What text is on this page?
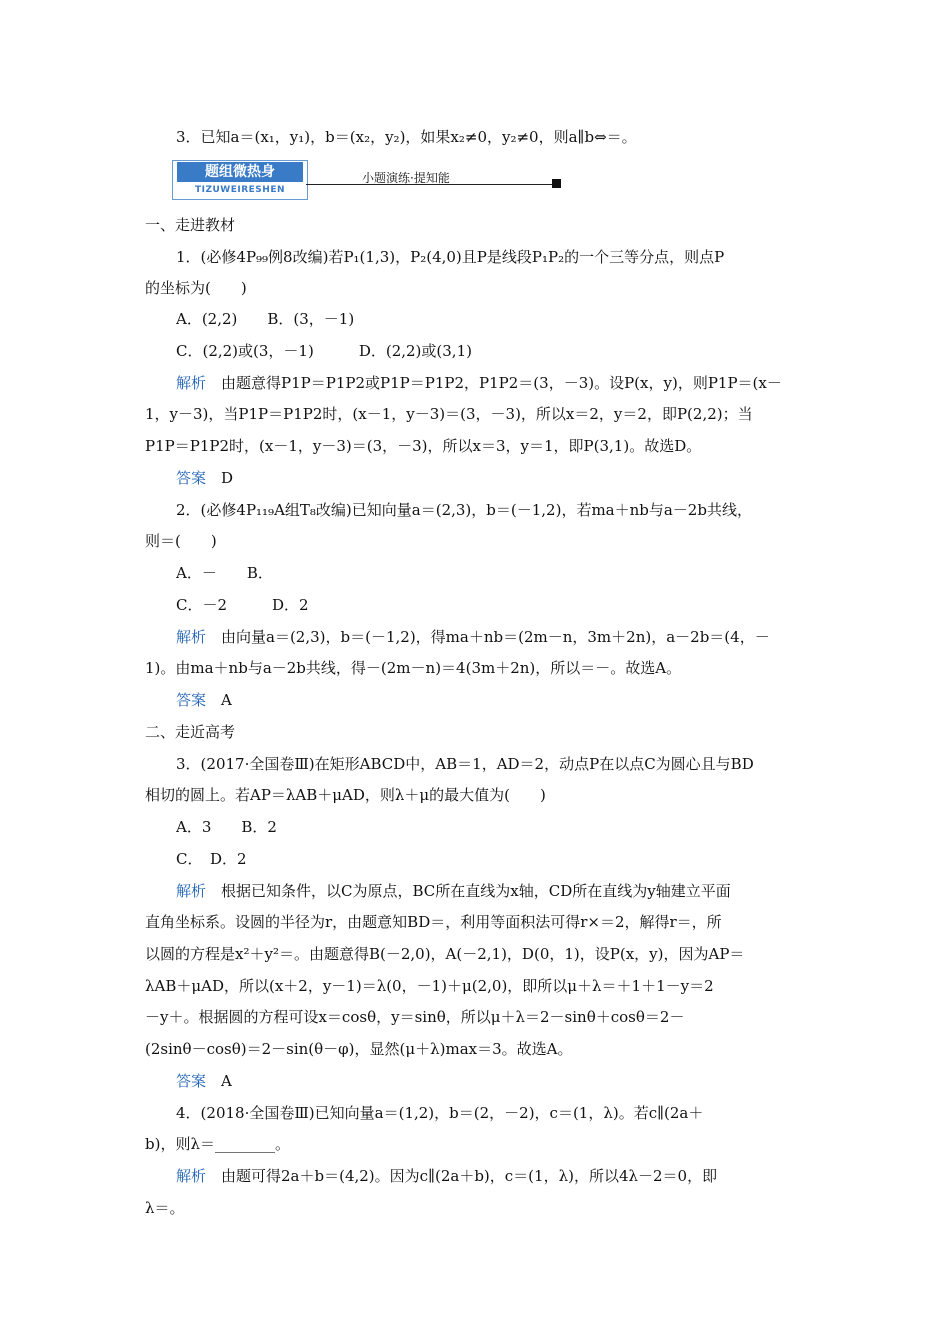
3．已知a＝(x₁，y₁)，b＝(x₂，y₂)，如果x₂≠0，y₂≠0，则a∥b⇔＝。
题组微热身
TIZUWEIRESHEN
小题演练·提知能
一、走进教材
1．(必修4P₉₉例8改编)若P₁(1,3)，P₂(4,0)且P是线段P₁P₂的一个三等分点，则点P
的坐标为(　　)
A．(2,2)　　B．(3，－1)
C．(2,2)或(3，－1)　　　D．(2,2)或(3,1)
解析　由题意得P1P＝P1P2或P1P＝P1P2，P1P2＝(3，－3)。设P(x，y)，则P1P＝(x－
1，y－3)，当P1P＝P1P2时，(x－1，y－3)＝(3，－3)，所以x＝2，y＝2，即P(2,2)；当
P1P＝P1P2时，(x－1，y－3)＝(3，－3)，所以x＝3，y＝1，即P(3,1)。故选D。
答案　D
2．(必修4P₁₁₉A组T₈改编)已知向量a＝(2,3)，b＝(－1,2)，若ma＋nb与a－2b共线，
则＝(　　)
A．－　　B．
C．－2　　　D．2
解析　由向量a＝(2,3)，b＝(－1,2)，得ma＋nb＝(2m－n，3m＋2n)，a－2b＝(4，－
1)。由ma＋nb与a－2b共线，得－(2m－n)＝4(3m＋2n)，所以＝－。故选A。
答案　A
二、走近高考
3．(2017·全国卷Ⅲ)在矩形ABCD中，AB＝1，AD＝2，动点P在以点C为圆心且与BD
相切的圆上。若AP＝λAB＋μAD，则λ＋μ的最大值为(　　)
A．3　　B．2
C．　D．2
解析　根据已知条件，以C为原点，BC所在直线为x轴，CD所在直线为y轴建立平面
直角坐标系。设圆的半径为r，由题意知BD＝，利用等面积法可得r×＝2，解得r＝，所
以圆的方程是x²＋y²＝。由题意得B(－2,0)，A(－2,1)，D(0，1)，设P(x，y)，因为AP＝
λAB＋μAD，所以(x＋2，y－1)＝λ(0，－1)＋μ(2,0)，即所以μ＋λ＝＋1＋1－y＝2
－y＋。根据圆的方程可设x＝cosθ，y＝sinθ，所以μ＋λ＝2－sinθ＋cosθ＝2－
(2sinθ－cosθ)＝2－sin(θ－φ)，显然(μ＋λ)max＝3。故选A。
答案　A
4．(2018·全国卷Ⅲ)已知向量a＝(1,2)，b＝(2，－2)，c＝(1，λ)。若c∥(2a＋
b)，则λ＝________。
解析　由题可得2a＋b＝(4,2)。因为c∥(2a＋b)，c＝(1，λ)，所以4λ－2＝0，即
λ＝。
